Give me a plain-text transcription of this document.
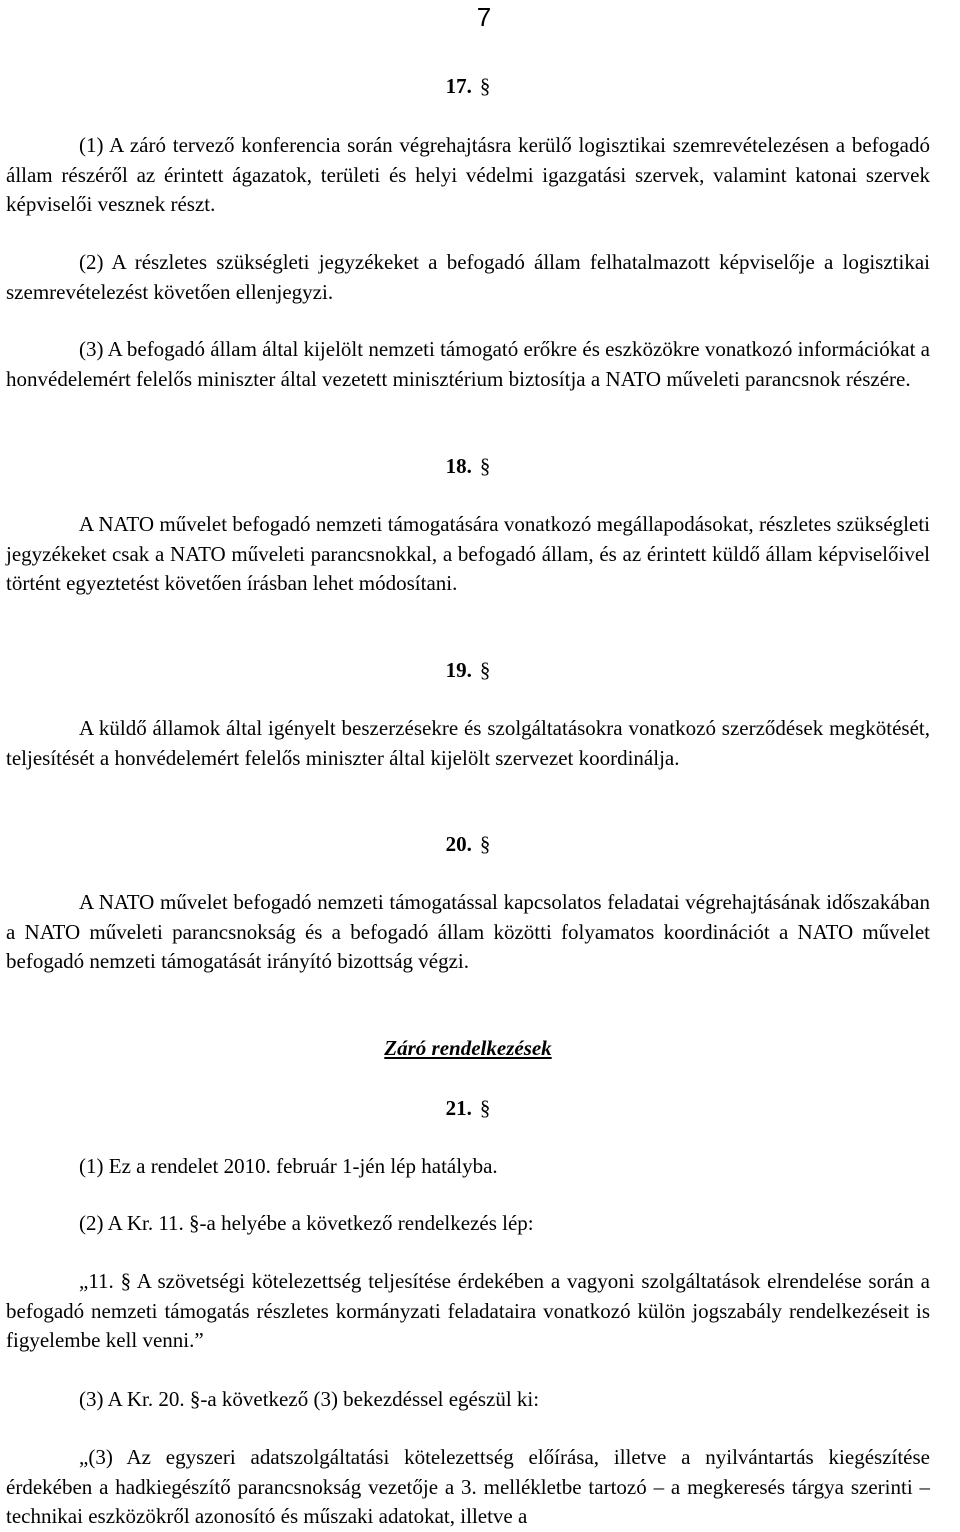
7
17. §
(1) A záró tervező konferencia során végrehajtásra kerülő logisztikai szemrevételezésen a befogadó állam részéről az érintett ágazatok, területi és helyi védelmi igazgatási szervek, valamint katonai szervek képviselői vesznek részt.
(2) A részletes szükségleti jegyzékeket a befogadó állam felhatalmazott képviselője a logisztikai szemrevételezést követően ellenjegyzi.
(3) A befogadó állam által kijelölt nemzeti támogató erőkre és eszközökre vonatkozó információkat a honvédelemért felelős miniszter által vezetett minisztérium biztosítja a NATO műveleti parancsnok részére.
18. §
A NATO művelet befogadó nemzeti támogatására vonatkozó megállapodásokat, részletes szükségleti jegyzékeket csak a NATO műveleti parancsnokkal, a befogadó állam, és az érintett küldő állam képviselőivel történt egyeztetést követően írásban lehet módosítani.
19. §
A küldő államok által igényelt beszerzésekre és szolgáltatásokra vonatkozó szerződések megkötését, teljesítését a honvédelemért felelős miniszter által kijelölt szervezet koordinálja.
20. §
A NATO művelet befogadó nemzeti támogatással kapcsolatos feladatai végrehajtásának időszakában a NATO műveleti parancsnokság és a befogadó állam közötti folyamatos koordinációt a NATO művelet befogadó nemzeti támogatását irányító bizottság végzi.
Záró rendelkezések
21. §
(1) Ez a rendelet 2010. február 1-jén lép hatályba.
(2) A Kr. 11. §-a helyébe a következő rendelkezés lép:
„11. § A szövetségi kötelezettség teljesítése érdekében a vagyoni szolgáltatások elrendelése során a befogadó nemzeti támogatás részletes kormányzati feladataira vonatkozó külön jogszabály rendelkezéseit is figyelembe kell venni.”
(3) A Kr. 20. §-a következő (3) bekezdéssel egészül ki:
„(3) Az egyszeri adatszolgáltatási kötelezettség előírása, illetve a nyilvántartás kiegészítése érdekében a hadkiegészítő parancsnokság vezetője a 3. mellékletbe tartozó – a megkeresés tárgya szerinti – technikai eszközökről azonosító és műszaki adatokat, illetve a
